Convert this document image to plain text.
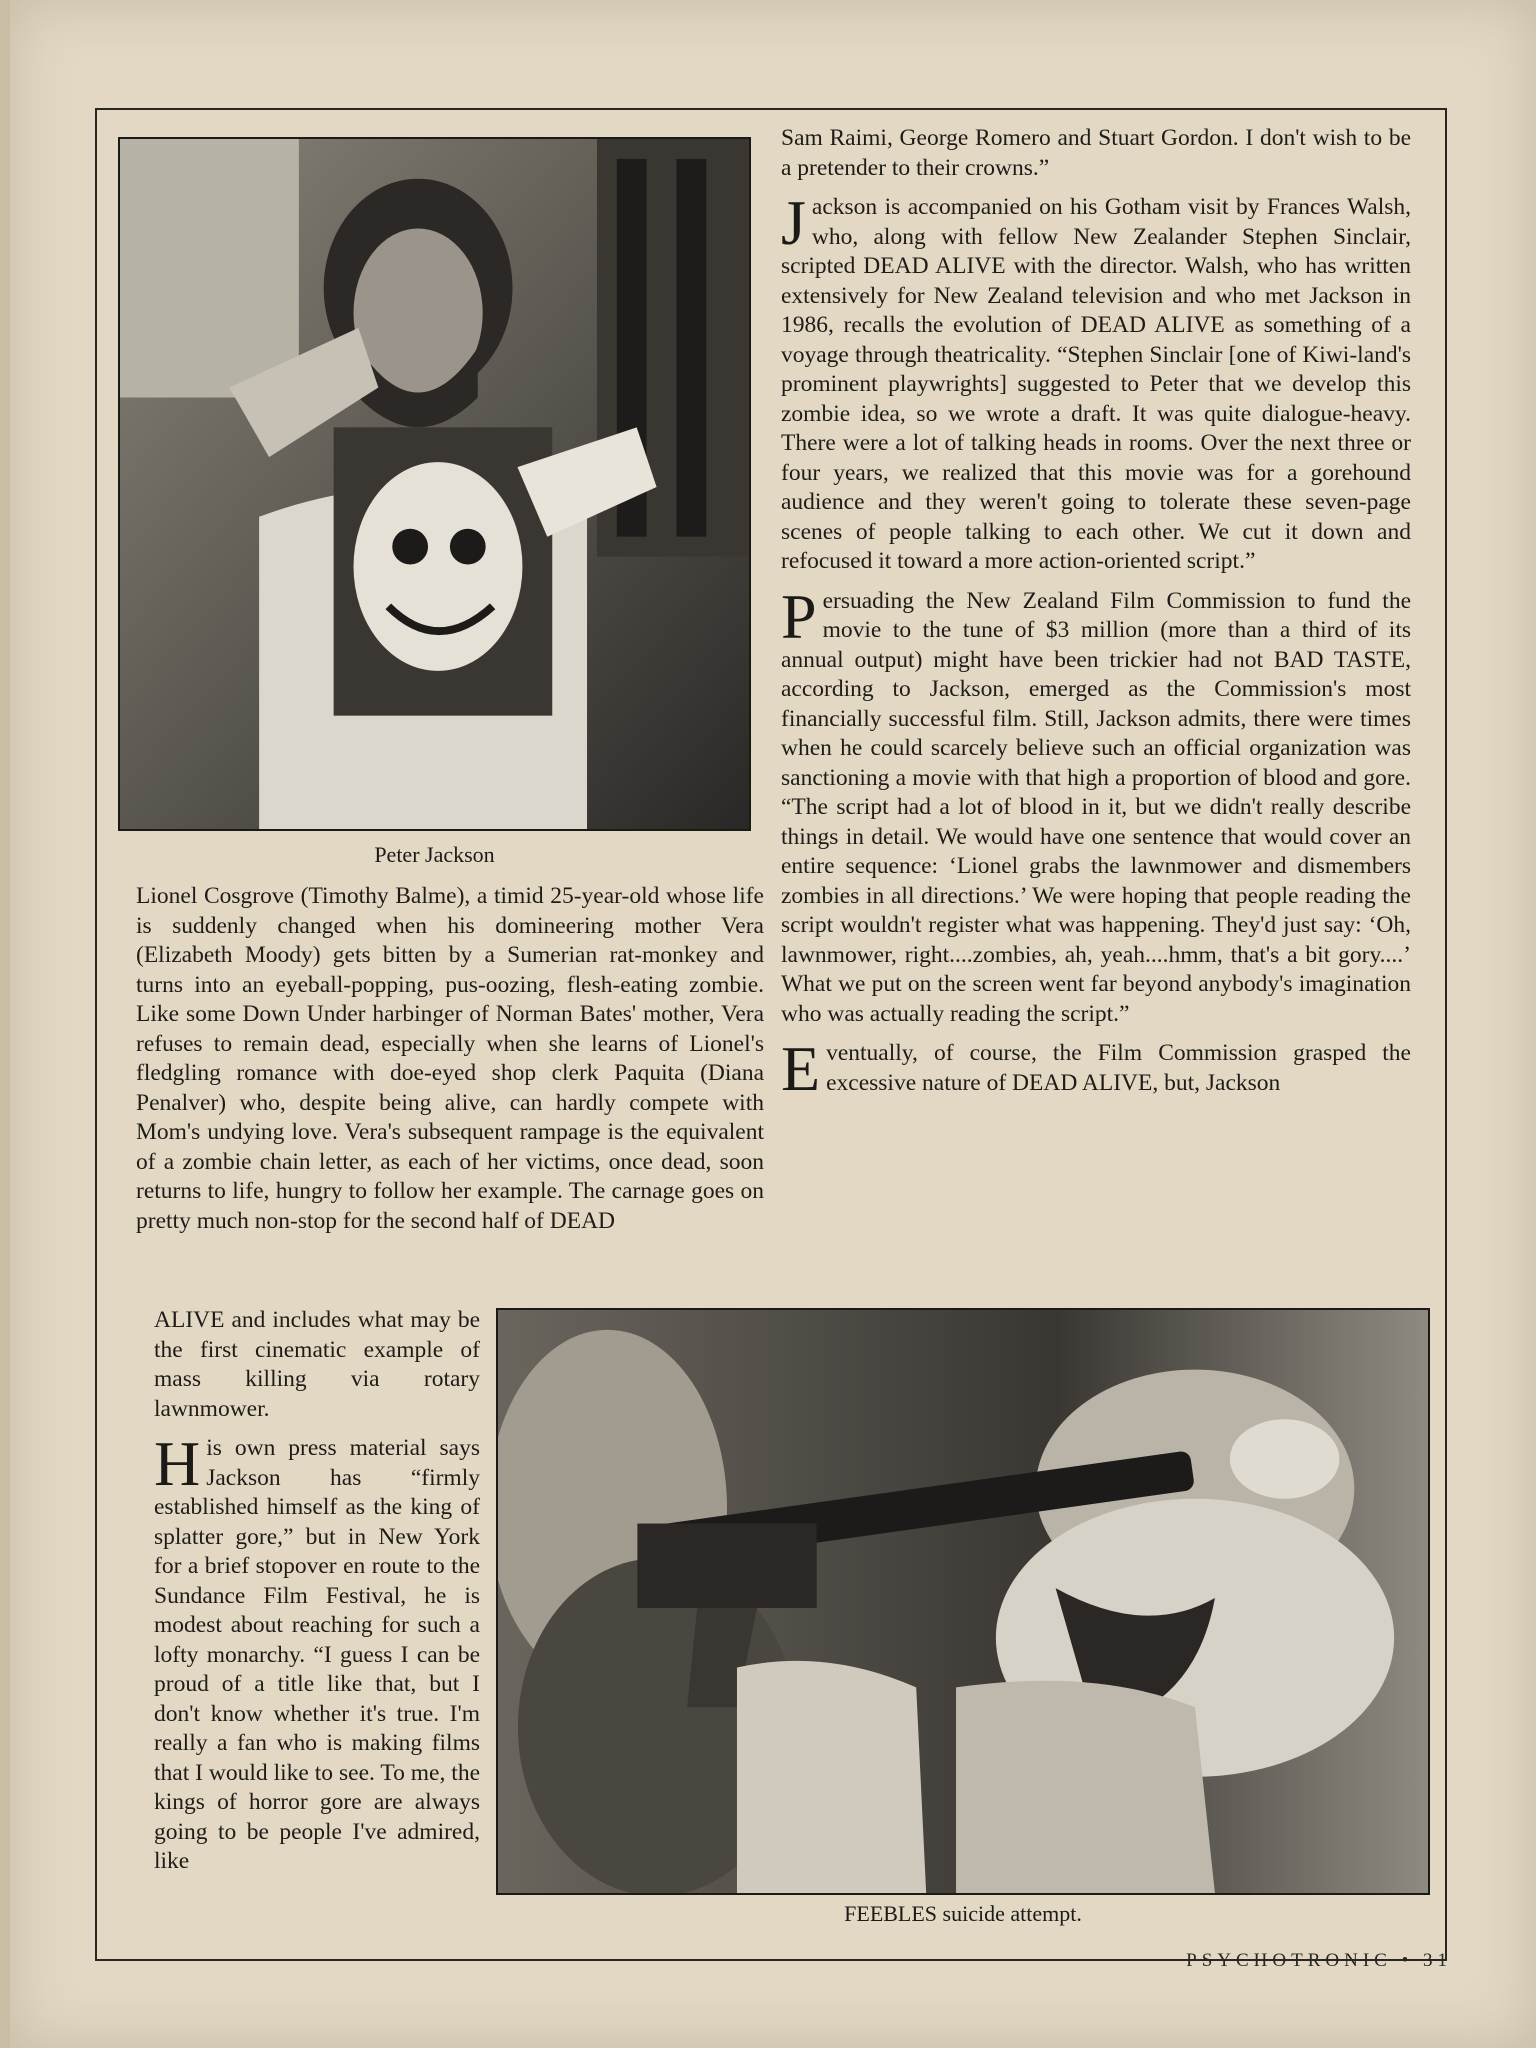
Peter Jackson
FEEBLES suicide attempt.

Lionel Cosgrove (Timothy Balme), a timid 25-year-old whose life is suddenly changed when his domineering mother Vera (Elizabeth Moody) gets bitten by a Sumerian rat-monkey and turns into an eyeball-popping, pus-oozing, flesh-eating zombie. Like some Down Under harbinger of Norman Bates' mother, Vera refuses to remain dead, especially when she learns of Lionel's fledgling romance with doe-eyed shop clerk Paquita (Diana Penalver) who, despite being alive, can hardly compete with Mom's undying love. Vera's subsequent rampage is the equivalent of a zombie chain letter, as each of her victims, once dead, soon returns to life, hungry to follow her example. The carnage goes on pretty much non-stop for the second half of DEAD

ALIVE and includes what may be the first cinematic example of mass killing via rotary lawnmower.

His own press material says Jackson has “firmly established himself as the king of splatter gore,” but in New York for a brief stopover en route to the Sundance Film Festival, he is modest about reaching for such a lofty monarchy. “I guess I can be proud of a title like that, but I don't know whether it's true. I'm really a fan who is making films that I would like to see. To me, the kings of horror gore are always going to be people I've admired, like

Sam Raimi, George Romero and Stuart Gordon. I don't wish to be a pretender to their crowns.”

Jackson is accompanied on his Gotham visit by Frances Walsh, who, along with fellow New Zealander Stephen Sinclair, scripted DEAD ALIVE with the director. Walsh, who has written extensively for New Zealand television and who met Jackson in 1986, recalls the evolution of DEAD ALIVE as something of a voyage through theatricality. “Stephen Sinclair [one of Kiwi-land's prominent playwrights] suggested to Peter that we develop this zombie idea, so we wrote a draft. It was quite dialogue-heavy. There were a lot of talking heads in rooms. Over the next three or four years, we realized that this movie was for a gorehound audience and they weren't going to tolerate these seven-page scenes of people talking to each other. We cut it down and refocused it toward a more action-oriented script.”

Persuading the New Zealand Film Commission to fund the movie to the tune of $3 million (more than a third of its annual output) might have been trickier had not BAD TASTE, according to Jackson, emerged as the Commission's most financially successful film. Still, Jackson admits, there were times when he could scarcely believe such an official organization was sanctioning a movie with that high a proportion of blood and gore. “The script had a lot of blood in it, but we didn't really describe things in detail. We would have one sentence that would cover an entire sequence: ‘Lionel grabs the lawnmower and dismembers zombies in all directions.’ We were hoping that people reading the script wouldn't register what was happening. They'd just say: ‘Oh, lawnmower, right....zombies, ah, yeah....hmm, that's a bit gory....’ What we put on the screen went far beyond anybody's imagination who was actually reading the script.”

Eventually, of course, the Film Commission grasped the excessive nature of DEAD ALIVE, but, Jackson

PSYCHOTRONIC • 31
